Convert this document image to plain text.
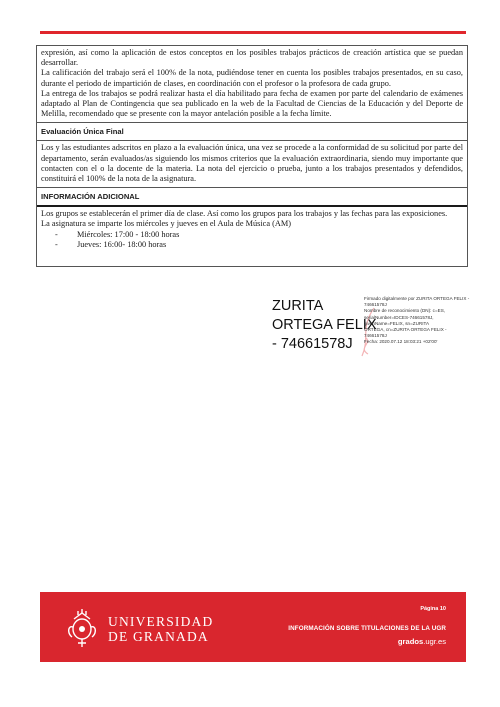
expresión, así como la aplicación de estos conceptos en los posibles trabajos prácticos de creación artística que se puedan desarrollar.

La calificación del trabajo será el 100% de la nota, pudiéndose tener en cuenta los posibles trabajos presentados, en su caso, durante el periodo de impartición de clases, en coordinación con el profesor o la profesora de cada grupo.

La entrega de los trabajos se podrá realizar hasta el día habilitado para fecha de examen por parte del calendario de exámenes adaptado al Plan de Contingencia que sea publicado en la web de la Facultad de Ciencias de la Educación y del Deporte de Melilla, recomendado que se presente con la mayor antelación posible a la fecha límite.

Evaluación Única Final

Los y las estudiantes adscritos en plazo a la evaluación única, una vez se procede a la conformidad de su solicitud por parte del departamento, serán evaluados/as siguiendo los mismos criterios que la evaluación extraordinaria, siendo muy importante que contacten con el o la docente de la materia. La nota del ejercicio o prueba, junto a los trabajos presentados y defendidos, constituirá el 100% de la nota de la asignatura.

INFORMACIÓN ADICIONAL

Los grupos se establecerán el primer día de clase. Así como los grupos para los trabajos y las fechas para las exposiciones.

La asignatura se imparte los miércoles y jueves en el Aula de Música (AM)

- Miércoles: 17:00 - 18:00 horas
- Jueves: 16:00- 18:00 horas
ZURITA
ORTEGA FELIX
- 74661578J
Firmado digitalmente por ZURITA ORTEGA FELIX - 74661578J
Nombre de reconocimiento (DN): c=ES,
serialNumber=IDCES-74661578J,
givenName=FELIX, sn=ZURITA
ORTEGA, cn=ZURITA ORTEGA FELIX -
74661578J
Fecha: 2020.07.12 18:03:21 +02'00'
UNIVERSIDAD
DE GRANADA
Página 10
INFORMACIÓN SOBRE TITULACIONES DE LA UGR
grados.ugr.es
